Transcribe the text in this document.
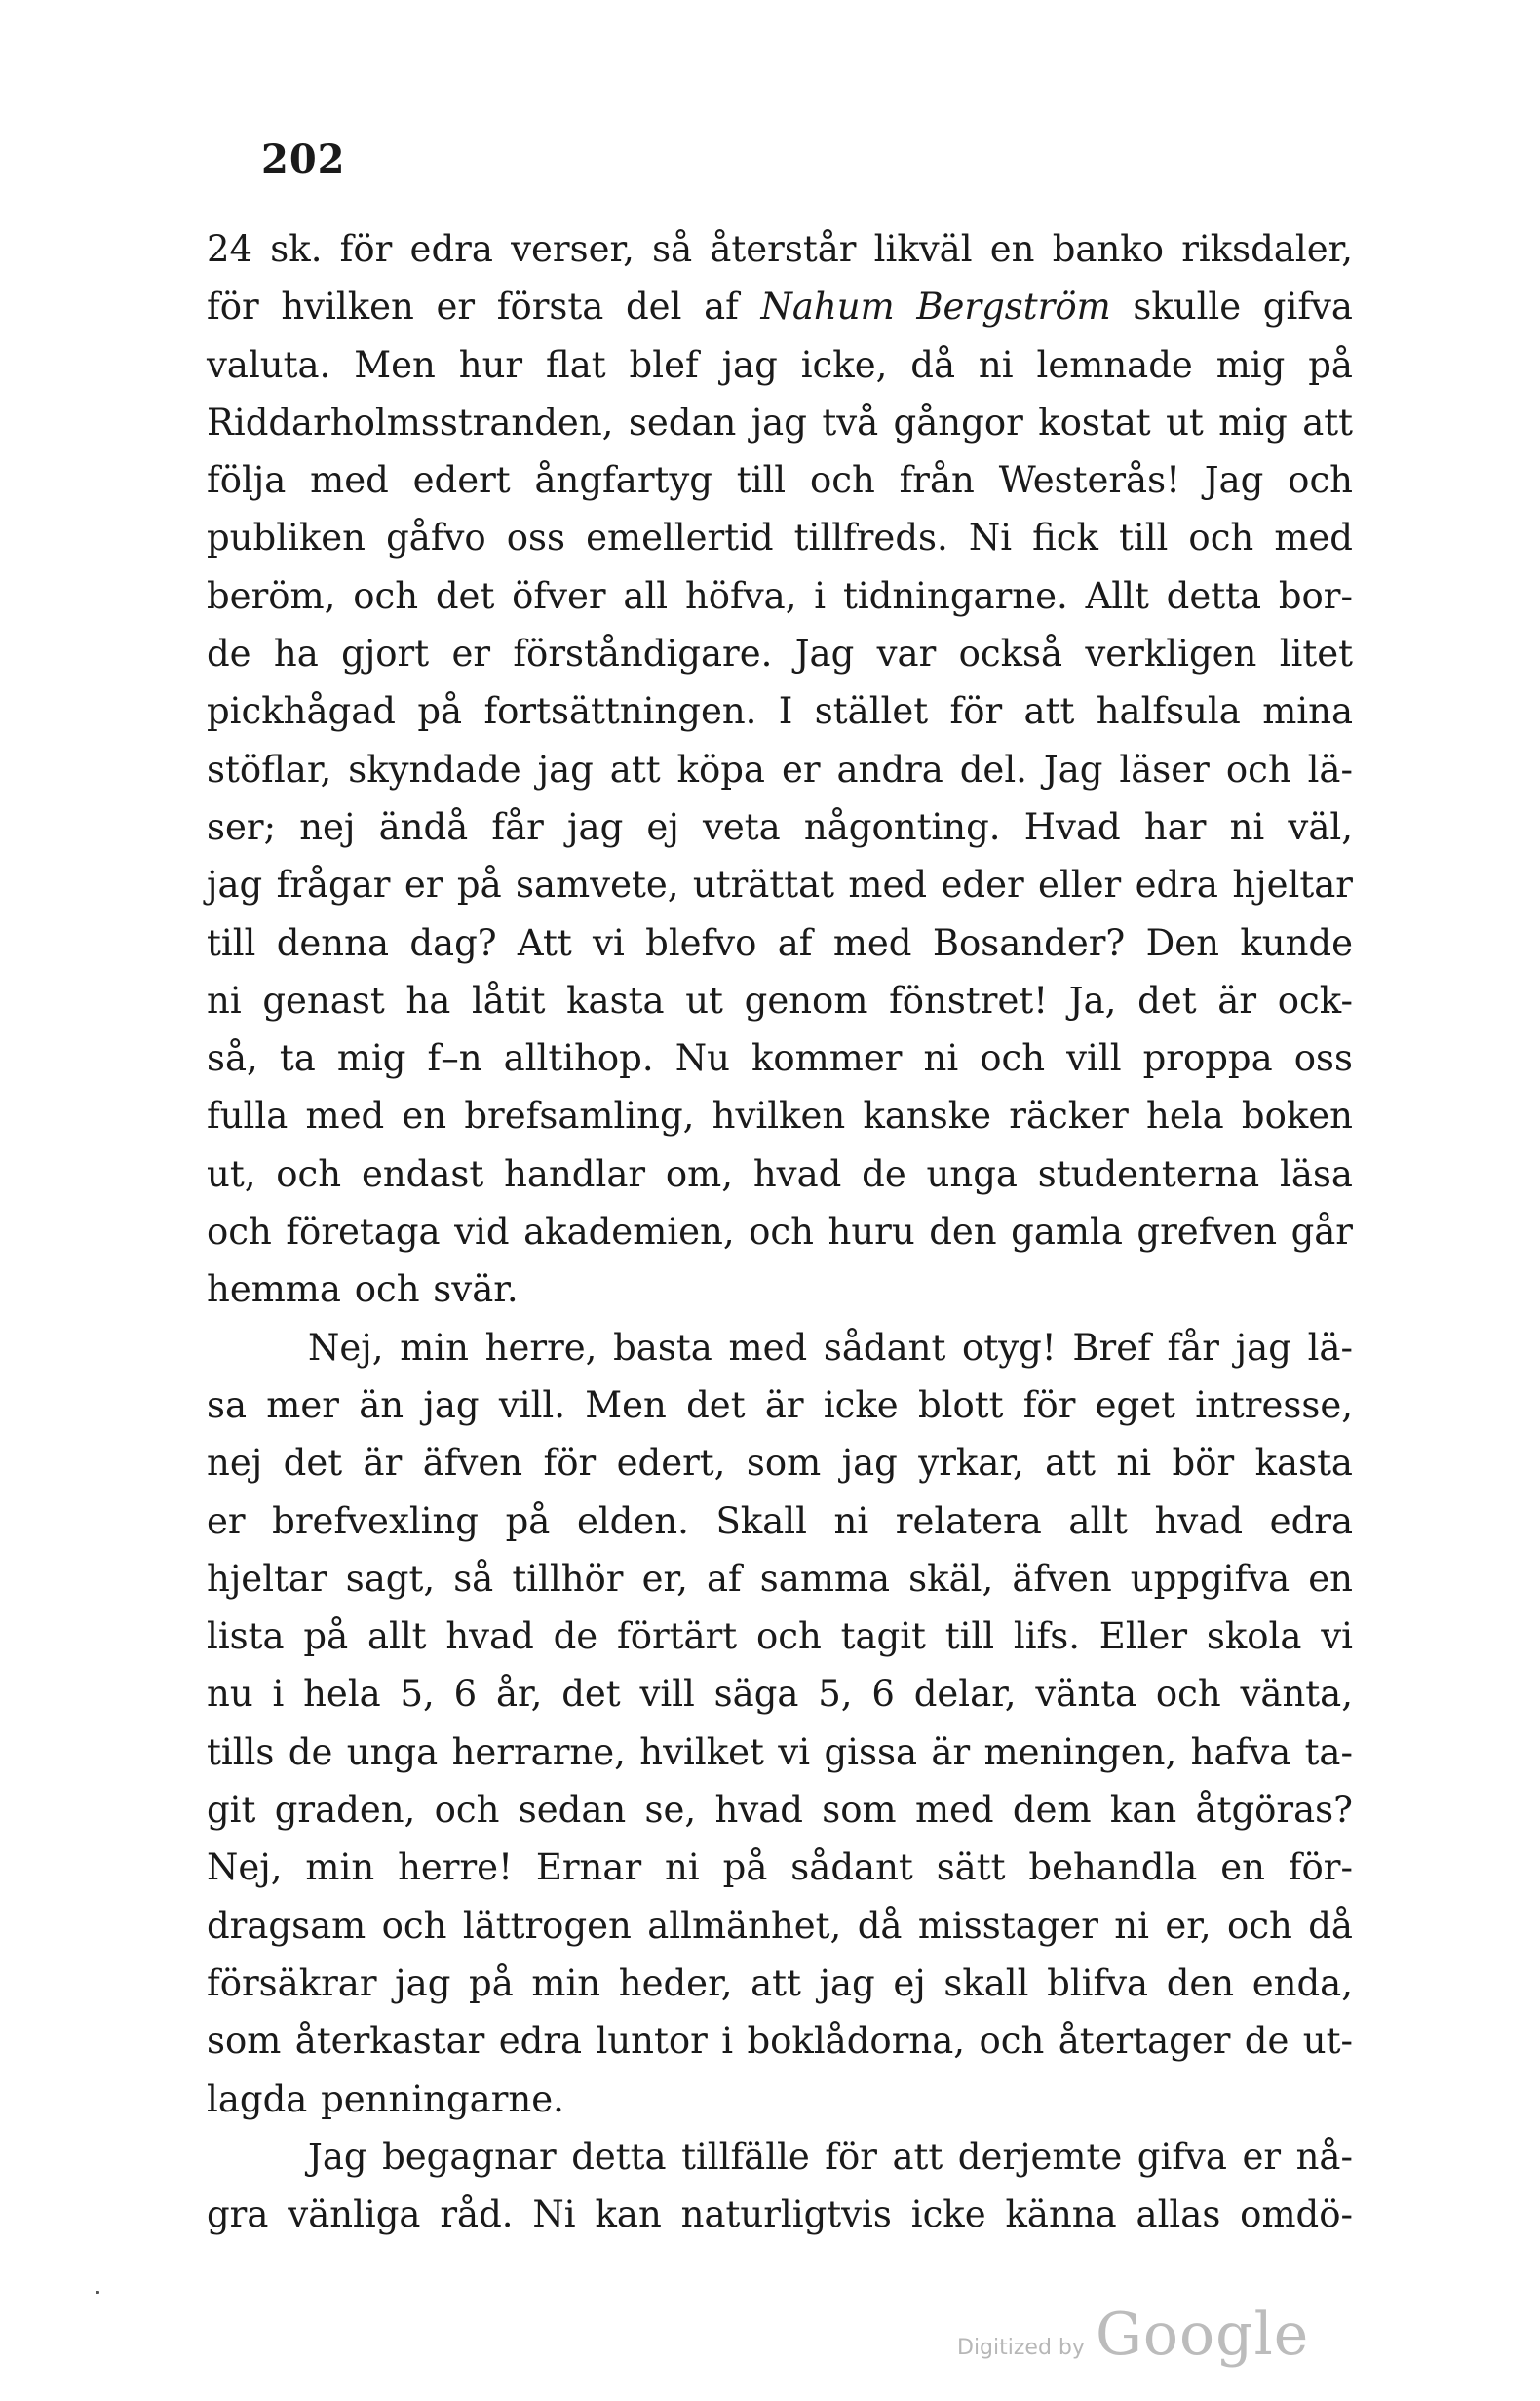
202
24 sk. för edra verser, så återstår likväl en banko riksdaler,
för hvilken er första del af Nahum Bergström skulle gifva
valuta. Men hur flat blef jag icke, då ni lemnade mig på
Riddarholmsstranden, sedan jag två gångor kostat ut mig att
följa med edert ångfartyg till och från Westerås! Jag och
publiken gåfvo oss emellertid tillfreds. Ni fick till och med
beröm, och det öfver all höfva, i tidningarne. Allt detta bor-
de ha gjort er förståndigare. Jag var också verkligen litet
pickhågad på fortsättningen. I stället för att halfsula mina
stöflar, skyndade jag att köpa er andra del. Jag läser och lä-
ser; nej ändå får jag ej veta någonting. Hvad har ni väl,
jag frågar er på samvete, uträttat med eder eller edra hjeltar
till denna dag? Att vi blefvo af med Bosander? Den kunde
ni genast ha låtit kasta ut genom fönstret! Ja, det är ock-
så, ta mig f–n alltihop. Nu kommer ni och vill proppa oss
fulla med en brefsamling, hvilken kanske räcker hela boken
ut, och endast handlar om, hvad de unga studenterna läsa
och företaga vid akademien, och huru den gamla grefven går
hemma och svär.
Nej, min herre, basta med sådant otyg! Bref får jag lä-
sa mer än jag vill. Men det är icke blott för eget intresse,
nej det är äfven för edert, som jag yrkar, att ni bör kasta
er brefvexling på elden. Skall ni relatera allt hvad edra
hjeltar sagt, så tillhör er, af samma skäl, äfven uppgifva en
lista på allt hvad de förtärt och tagit till lifs. Eller skola vi
nu i hela 5, 6 år, det vill säga 5, 6 delar, vänta och vänta,
tills de unga herrarne, hvilket vi gissa är meningen, hafva ta-
git graden, och sedan se, hvad som med dem kan åtgöras?
Nej, min herre! Ernar ni på sådant sätt behandla en för-
dragsam och lättrogen allmänhet, då misstager ni er, och då
försäkrar jag på min heder, att jag ej skall blifva den enda,
som återkastar edra luntor i boklådorna, och återtager de ut-
lagda penningarne.
Jag begagnar detta tillfälle för att derjemte gifva er nå-
gra vänliga råd. Ni kan naturligtvis icke känna allas omdö-
Digitized by Google
